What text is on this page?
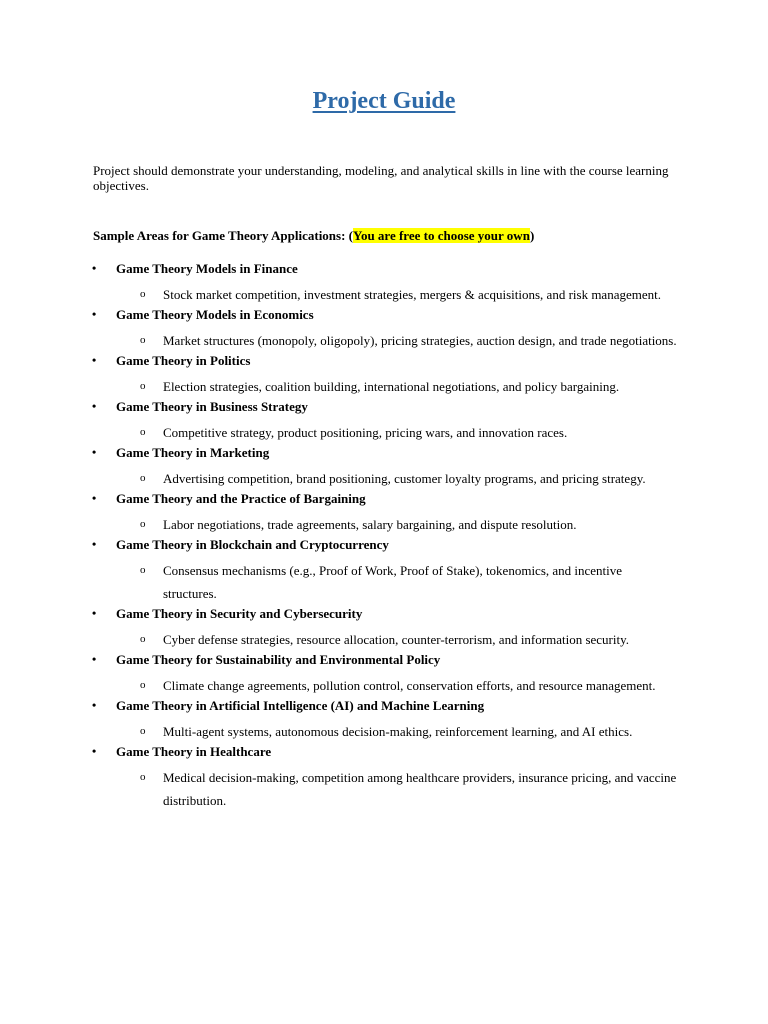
Project Guide
Project should demonstrate your understanding, modeling, and analytical skills in line with the course learning objectives.
Sample Areas for Game Theory Applications: (You are free to choose your own)
• Game Theory Models in Finance
o Stock market competition, investment strategies, mergers & acquisitions, and risk management.
• Game Theory Models in Economics
o Market structures (monopoly, oligopoly), pricing strategies, auction design, and trade negotiations.
• Game Theory in Politics
o Election strategies, coalition building, international negotiations, and policy bargaining.
• Game Theory in Business Strategy
o Competitive strategy, product positioning, pricing wars, and innovation races.
• Game Theory in Marketing
o Advertising competition, brand positioning, customer loyalty programs, and pricing strategy.
• Game Theory and the Practice of Bargaining
o Labor negotiations, trade agreements, salary bargaining, and dispute resolution.
• Game Theory in Blockchain and Cryptocurrency
o Consensus mechanisms (e.g., Proof of Work, Proof of Stake), tokenomics, and incentive structures.
• Game Theory in Security and Cybersecurity
o Cyber defense strategies, resource allocation, counter-terrorism, and information security.
• Game Theory for Sustainability and Environmental Policy
o Climate change agreements, pollution control, conservation efforts, and resource management.
• Game Theory in Artificial Intelligence (AI) and Machine Learning
o Multi-agent systems, autonomous decision-making, reinforcement learning, and AI ethics.
• Game Theory in Healthcare
o Medical decision-making, competition among healthcare providers, insurance pricing, and vaccine distribution.
